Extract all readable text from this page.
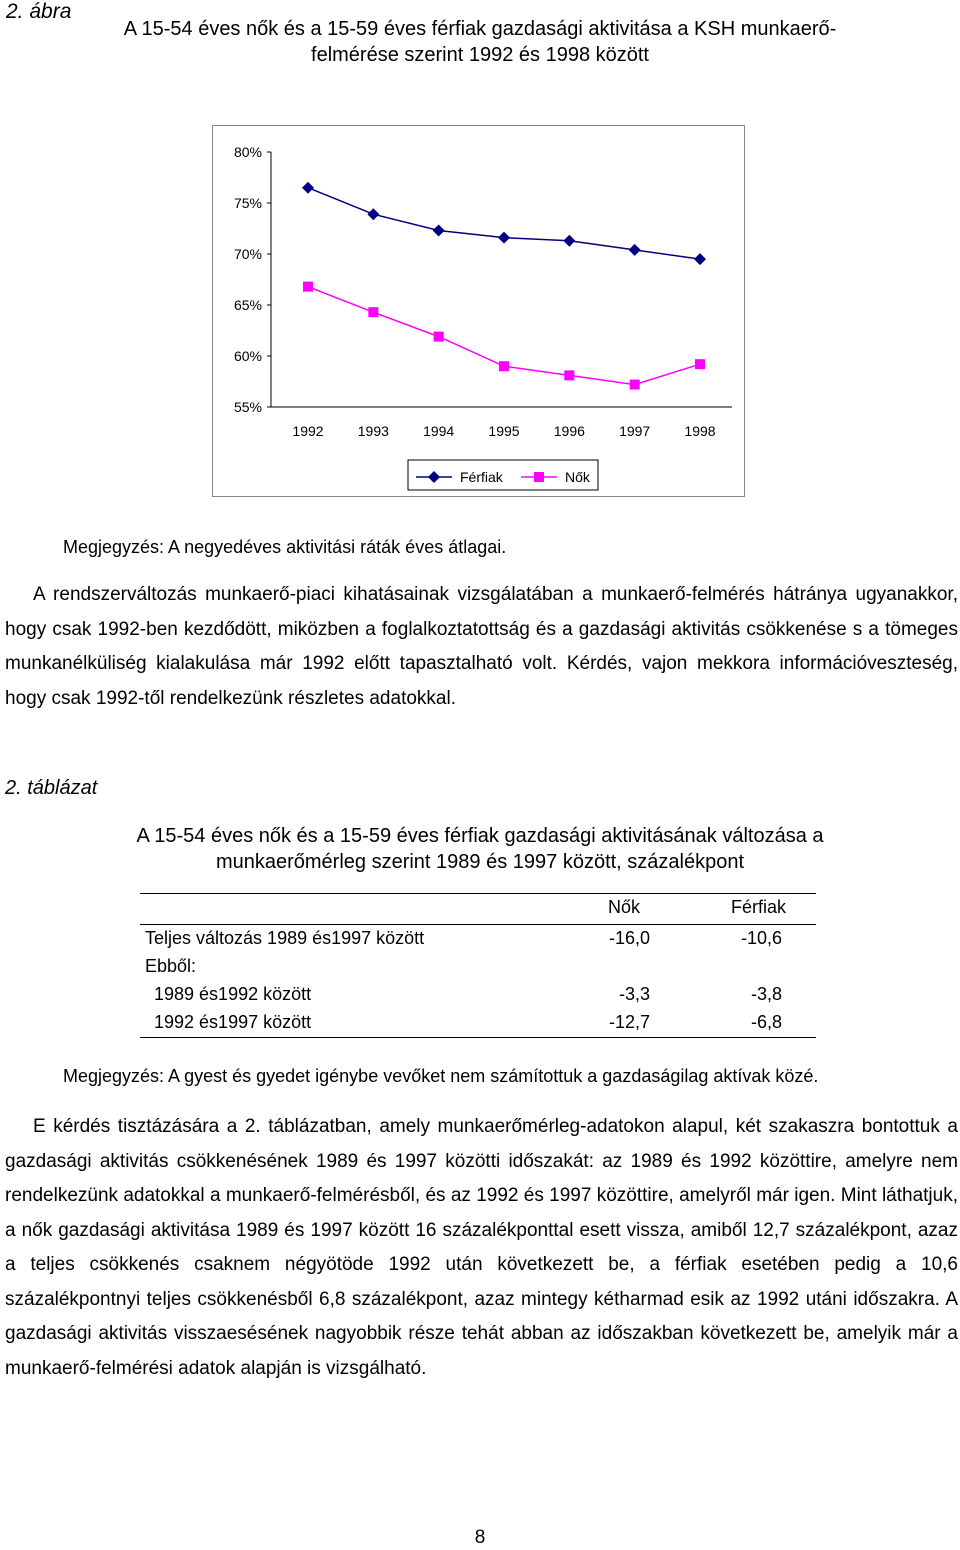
2. ábra
A 15-54 éves nők és a 15-59 éves férfiak gazdasági aktivitása a KSH munkaerő-
felmérése szerint 1992 és 1998 között
80%
75%
70%
65%
60%
55%
1992 1993 1994 1995 1996 1997 1998
Férfiak	Nők
Megjegyzés: A negyedéves aktivitási ráták éves átlagai.
A rendszerváltozás munkaerő-piaci kihatásainak vizsgálatában a munkaerő-felmérés hátránya ugyanakkor, hogy csak 1992-ben kezdődött, miközben a foglalkoztatottság és a gazdasági aktivitás csökkenése s a tömeges munkanélküliség kialakulása már 1992 előtt tapasztalható volt. Kérdés, vajon mekkora információveszteség, hogy csak 1992-től rendelkezünk részletes adatokkal.
2. táblázat
A 15-54 éves nők és a 15-59 éves férfiak gazdasági aktivitásának változása a
munkaerőmérleg szerint 1989 és 1997 között, százalékpont
Nők	Férfiak
Teljes változás 1989 és1997 között	-16,0	-10,6
Ebből:
1989 és1992 között	-3,3	-3,8
1992 és1997 között	-12,7	-6,8
Megjegyzés: A gyest és gyedet igénybe vevőket nem számítottuk a gazdaságilag aktívak közé.
E kérdés tisztázására a 2. táblázatban, amely munkaerőmérleg-adatokon alapul, két szakaszra bontottuk a gazdasági aktivitás csökkenésének 1989 és 1997 közötti időszakát: az 1989 és 1992 közöttire, amelyre nem rendelkezünk adatokkal a munkaerő-felmérésből, és az 1992 és 1997 közöttire, amelyről már igen. Mint láthatjuk, a nők gazdasági aktivitása 1989 és 1997 között 16 százalékponttal esett vissza, amiből 12,7 százalékpont, azaz a teljes csökkenés csaknem négyötöde 1992 után következett be, a férfiak esetében pedig a 10,6 százalékpontnyi teljes csökkenésből 6,8 százalékpont, azaz mintegy kétharmad esik az 1992 utáni időszakra. A gazdasági aktivitás visszaesésének nagyobbik része tehát abban az időszakban következett be, amelyik már a munkaerő-felmérési adatok alapján is vizsgálható.
8
